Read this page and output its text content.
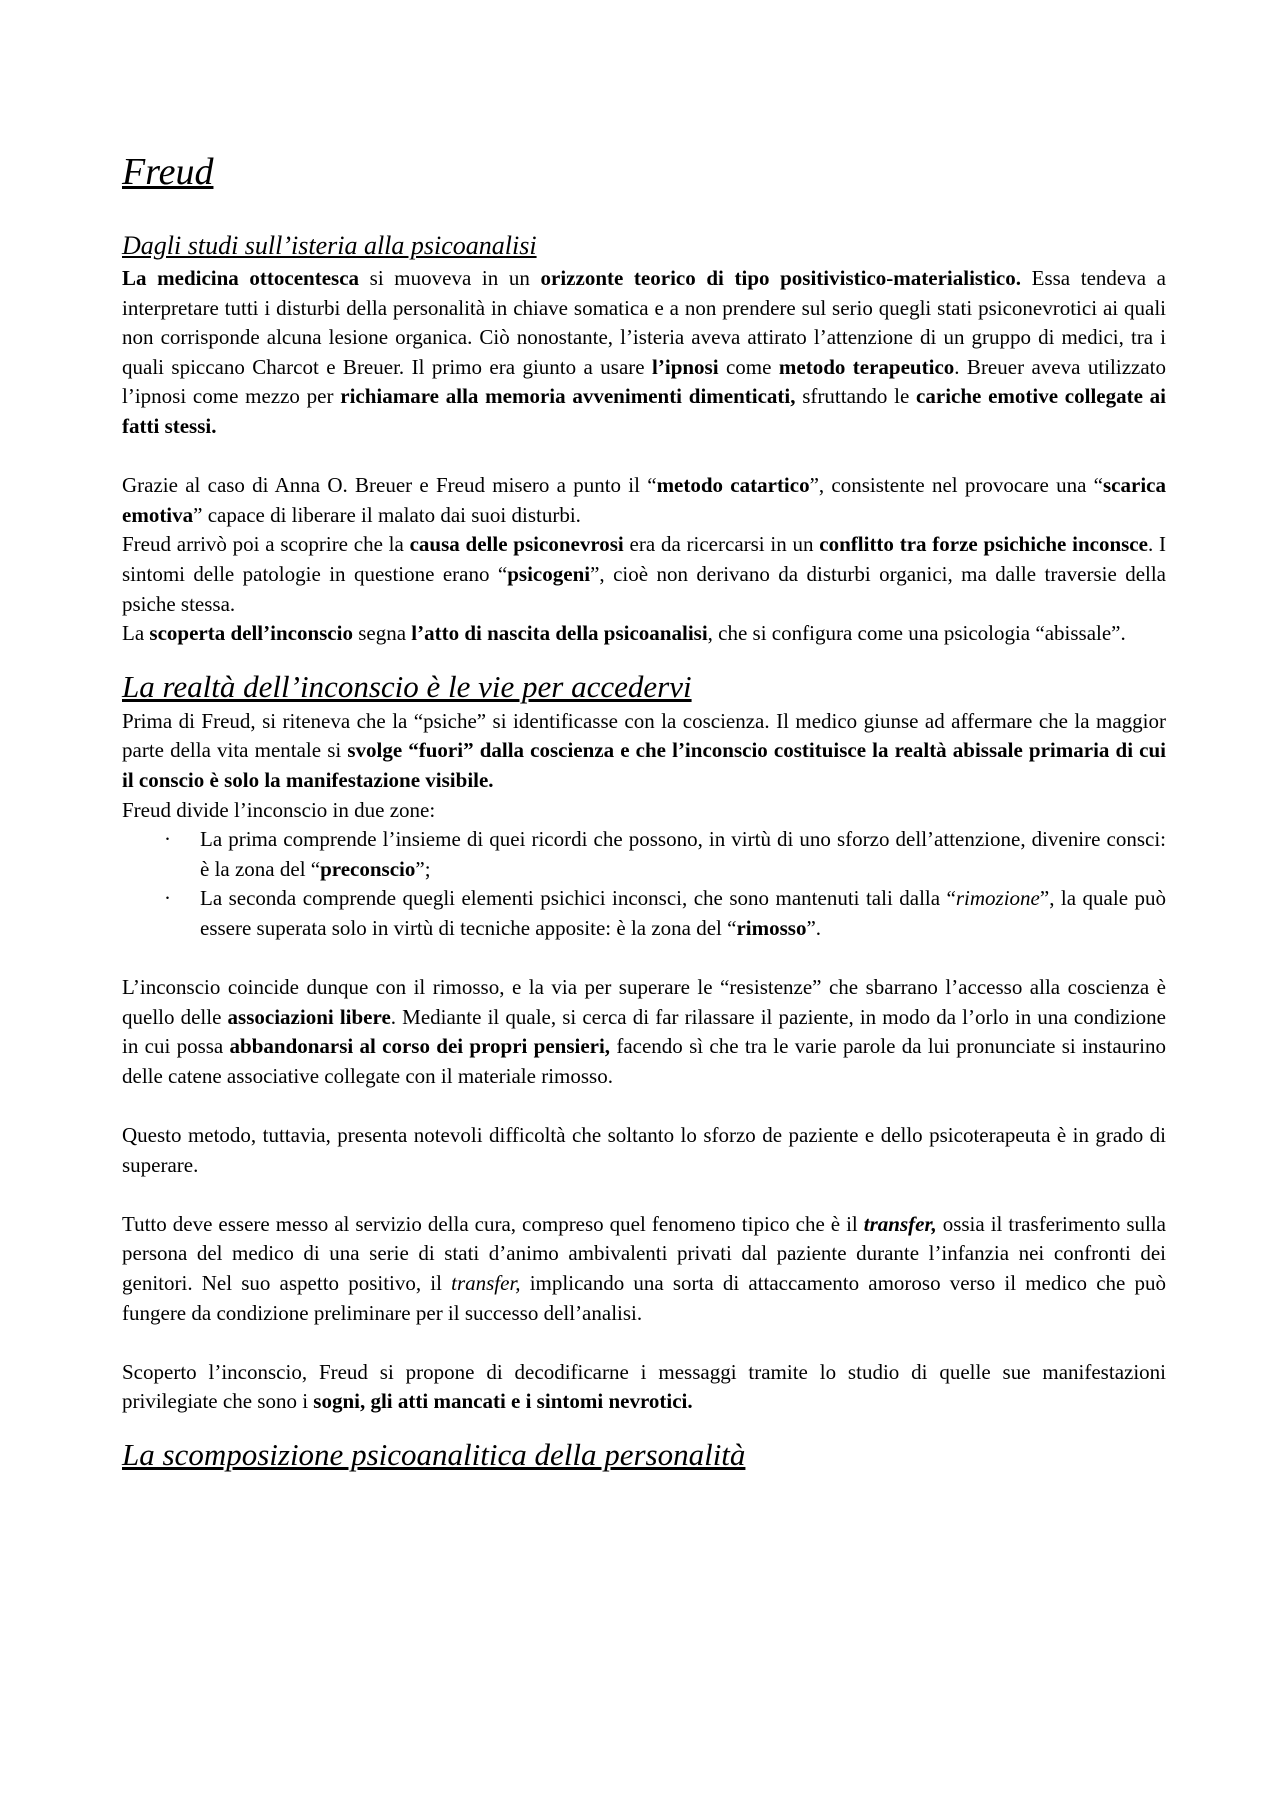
Freud
Dagli studi sull’isteria alla psicoanalisi

La medicina ottocentesca si muoveva in un orizzonte teorico di tipo positivistico-materialistico. Essa tendeva a interpretare tutti i disturbi della personalità in chiave somatica e a non prendere sul serio quegli stati psiconevrotici ai quali non corrisponde alcuna lesione organica. Ciò nonostante, l’isteria aveva attirato l’attenzione di un gruppo di medici, tra i quali spiccano Charcot e Breuer. Il primo era giunto a usare l’ipnosi come metodo terapeutico. Breuer aveva utilizzato l’ipnosi come mezzo per richiamare alla memoria avvenimenti dimenticati, sfruttando le cariche emotive collegate ai fatti stessi.

Grazie al caso di Anna O. Breuer e Freud misero a punto il “metodo catartico”, consistente nel provocare una “scarica emotiva” capace di liberare il malato dai suoi disturbi.

Freud arrivò poi a scoprire che la causa delle psiconevrosi era da ricercarsi in un conflitto tra forze psichiche inconsce. I sintomi delle patologie in questione erano “psicogeni”, cioè non derivano da disturbi organici, ma dalle traversie della psiche stessa.

La scoperta dell’inconscio segna l’atto di nascita della psicoanalisi, che si configura come una psicologia “abissale”.

La realtà dell’inconscio è le vie per accedervi

Prima di Freud, si riteneva che la “psiche” si identificasse con la coscienza. Il medico giunse ad affermare che la maggior parte della vita mentale si svolge “fuori” dalla coscienza e che l’inconscio costituisce la realtà abissale primaria di cui il conscio è solo la manifestazione visibile.

Freud divide l’inconscio in due zone:

· La prima comprende l’insieme di quei ricordi che possono, in virtù di uno sforzo dell’attenzione, divenire consci: è la zona del “preconscio”;
· La seconda comprende quegli elementi psichici inconsci, che sono mantenuti tali dalla “rimozione”, la quale può essere superata solo in virtù di tecniche apposite: è la zona del “rimosso”.

L’inconscio coincide dunque con il rimosso, e la via per superare le “resistenze” che sbarrano l’accesso alla coscienza è quello delle associazioni libere. Mediante il quale, si cerca di far rilassare il paziente, in modo da l’orlo in una condizione in cui possa abbandonarsi al corso dei propri pensieri, facendo sì che tra le varie parole da lui pronunciate si instaurino delle catene associative collegate con il materiale rimosso.

Questo metodo, tuttavia, presenta notevoli difficoltà che soltanto lo sforzo de paziente e dello psicoterapeuta è in grado di superare.

Tutto deve essere messo al servizio della cura, compreso quel fenomeno tipico che è il transfer, ossia il trasferimento sulla persona del medico di una serie di stati d’animo ambivalenti privati dal paziente durante l’infanzia nei confronti dei genitori. Nel suo aspetto positivo, il transfer, implicando una sorta di attaccamento amoroso verso il medico che può fungere da condizione preliminare per il successo dell’analisi.

Scoperto l’inconscio, Freud si propone di decodificarne i messaggi tramite lo studio di quelle sue manifestazioni privilegiate che sono i sogni, gli atti mancati e i sintomi nevrotici.

La scomposizione psicoanalitica della personalità
